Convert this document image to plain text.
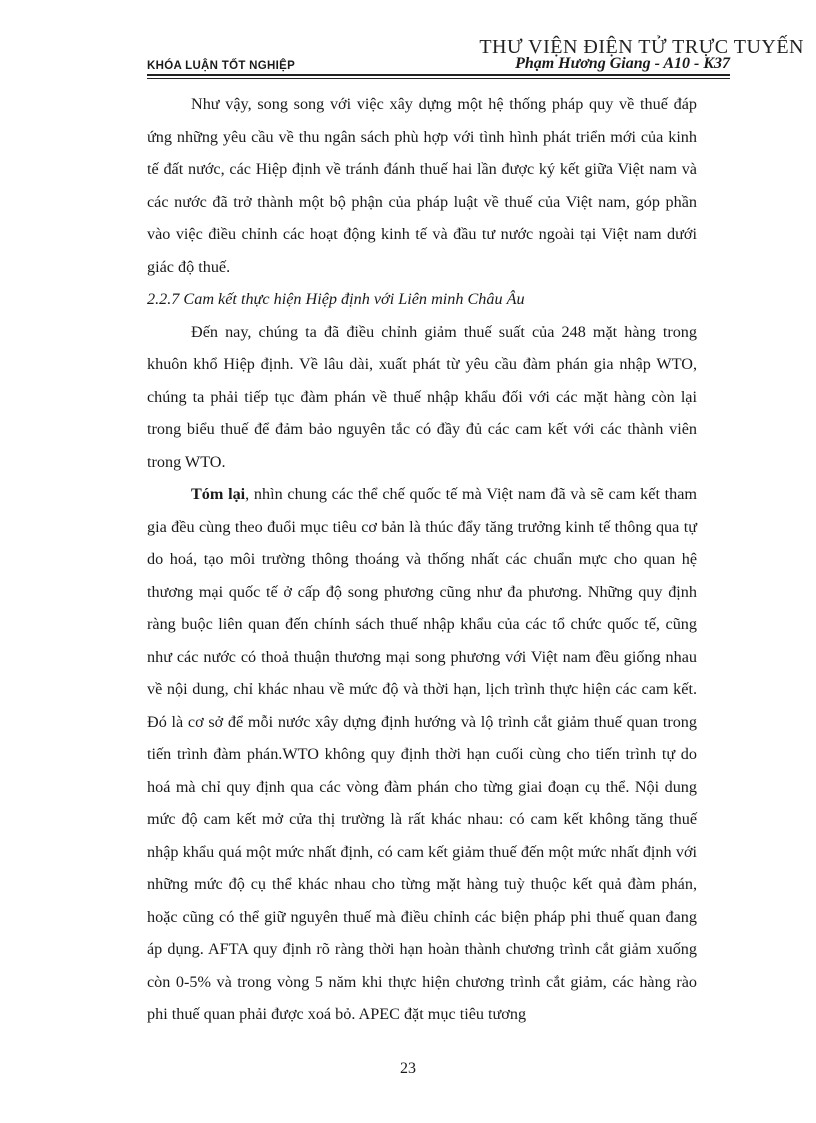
THƯ VIỆN ĐIỆN TỬ TRỰC TUYẾN
KHÓA LUẬN TỐT NGHIỆP	Phạm Hương Giang - A10 - K37

Như vậy, song song với việc xây dựng một hệ thống pháp quy về thuế đáp ứng những yêu cầu về thu ngân sách phù hợp với tình hình phát triển mới của kinh tế đất nước, các Hiệp định về tránh đánh thuế hai lần được ký kết giữa Việt nam và các nước đã trở thành một bộ phận của pháp luật về thuế của Việt nam, góp phần vào việc điều chỉnh các hoạt động kinh tế và đầu tư nước ngoài tại Việt nam dưới giác độ thuế.

2.2.7 Cam kết thực hiện Hiệp định với Liên minh Châu Âu

Đến nay, chúng ta đã điều chỉnh giảm thuế suất của 248 mặt hàng trong khuôn khổ Hiệp định. Về lâu dài, xuất phát từ yêu cầu đàm phán gia nhập WTO, chúng ta phải tiếp tục đàm phán về thuế nhập khẩu đối với các mặt hàng còn lại trong biểu thuế để đảm bảo nguyên tắc có đầy đủ các cam kết với các thành viên trong WTO.

Tóm lại, nhìn chung các thể chế quốc tế mà Việt nam đã và sẽ cam kết tham gia đều cùng theo đuổi mục tiêu cơ bản là thúc đẩy tăng trưởng kinh tế thông qua tự do hoá, tạo môi trường thông thoáng và thống nhất các chuẩn mực cho quan hệ thương mại quốc tế ở cấp độ song phương cũng như đa phương. Những quy định ràng buộc liên quan đến chính sách thuế nhập khẩu của các tổ chức quốc tế, cũng như các nước có thoả thuận thương mại song phương với Việt nam đều giống nhau về nội dung, chỉ khác nhau về mức độ và thời hạn, lịch trình thực hiện các cam kết. Đó là cơ sở để mỗi nước xây dựng định hướng và lộ trình cắt giảm thuế quan trong tiến trình đàm phán.WTO không quy định thời hạn cuối cùng cho tiến trình tự do hoá mà chỉ quy định qua các vòng đàm phán cho từng giai đoạn cụ thể. Nội dung mức độ cam kết mở cửa thị trường là rất khác nhau: có cam kết không tăng thuế nhập khẩu quá một mức nhất định, có cam kết giảm thuế đến một mức nhất định với những mức độ cụ thể khác nhau cho từng mặt hàng tuỳ thuộc kết quả đàm phán, hoặc cũng có thể giữ nguyên thuế mà điều chỉnh các biện pháp phi thuế quan đang áp dụng. AFTA quy định rõ ràng thời hạn hoàn thành chương trình cắt giảm xuống còn 0-5% và trong vòng 5 năm khi thực hiện chương trình cắt giảm, các hàng rào phi thuế quan phải được xoá bỏ. APEC đặt mục tiêu tương

23
